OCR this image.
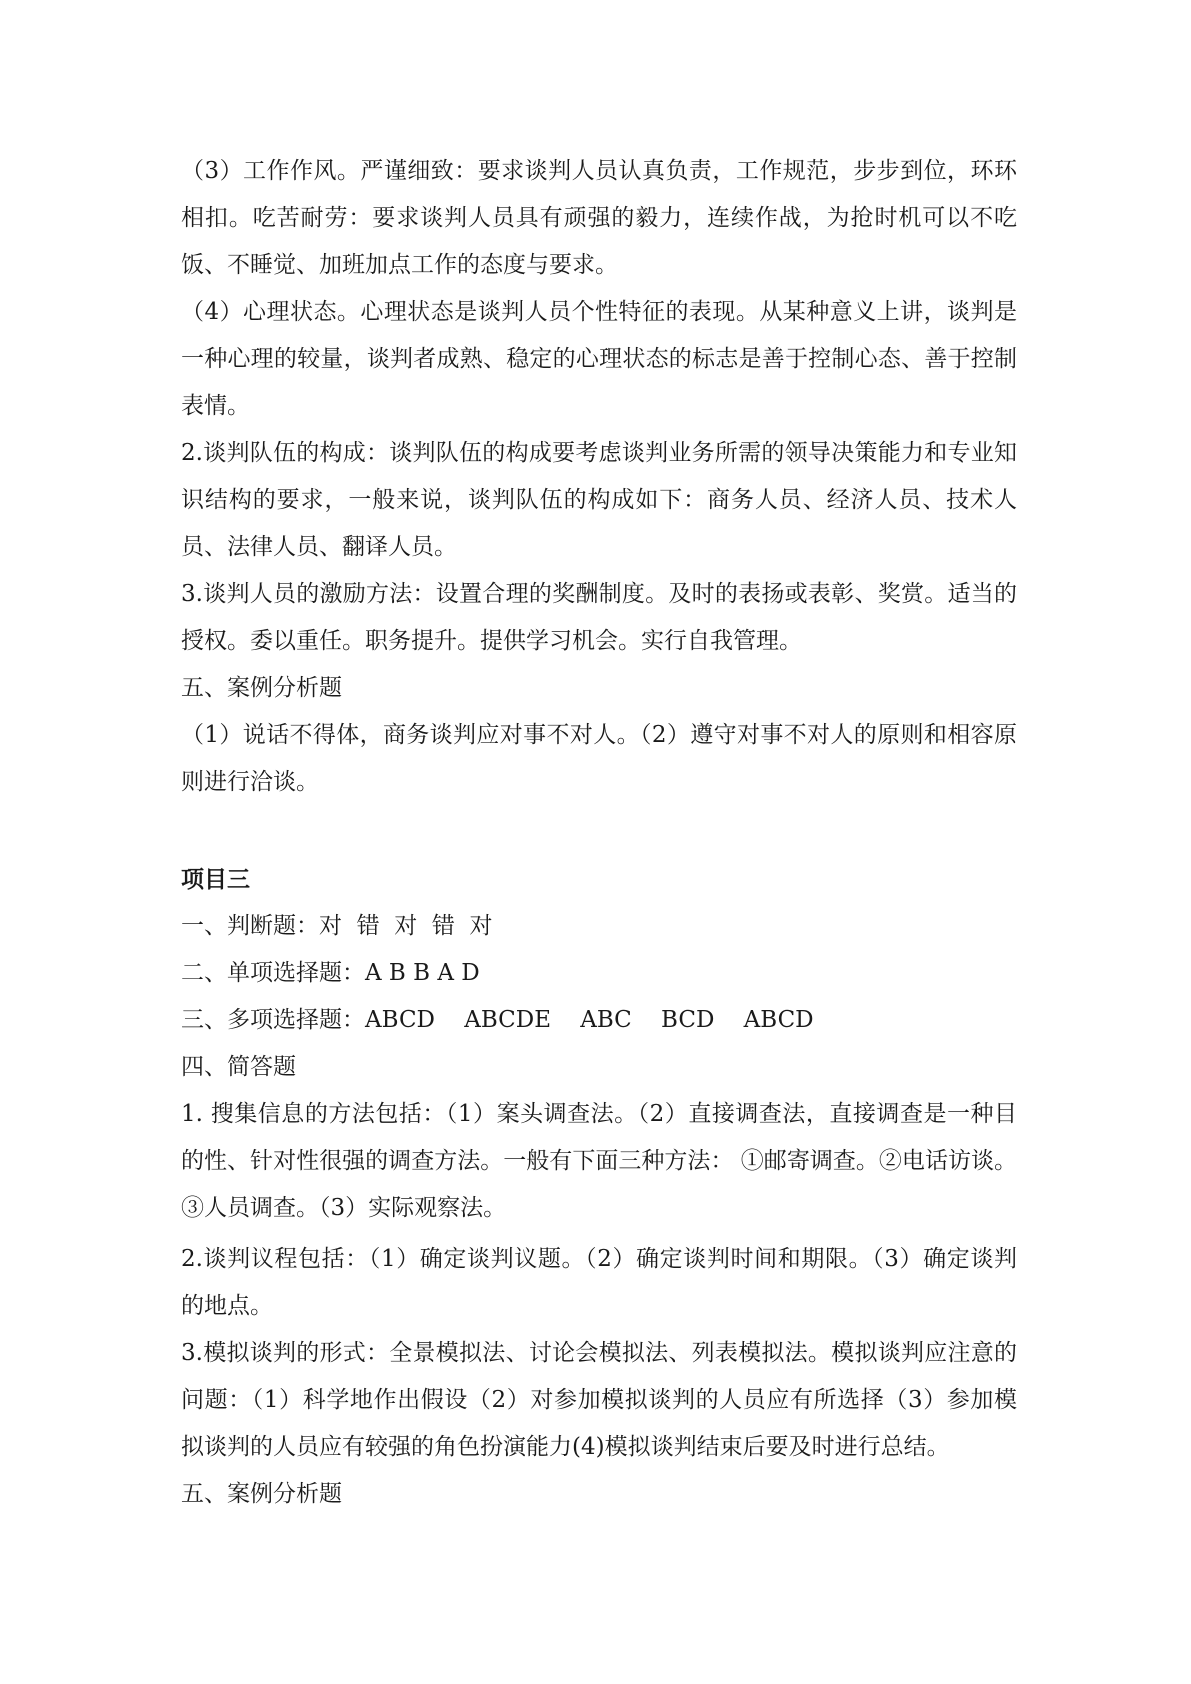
（3）工作作风。严谨细致：要求谈判人员认真负责，工作规范，步步到位，环环相扣。吃苦耐劳：要求谈判人员具有顽强的毅力，连续作战，为抢时机可以不吃饭、不睡觉、加班加点工作的态度与要求。

（4）心理状态。心理状态是谈判人员个性特征的表现。从某种意义上讲，谈判是一种心理的较量，谈判者成熟、稳定的心理状态的标志是善于控制心态、善于控制表情。

2.谈判队伍的构成：谈判队伍的构成要考虑谈判业务所需的领导决策能力和专业知识结构的要求，一般来说，谈判队伍的构成如下：商务人员、经济人员、技术人员、法律人员、翻译人员。

3.谈判人员的激励方法：设置合理的奖酬制度。及时的表扬或表彰、奖赏。适当的授权。委以重任。职务提升。提供学习机会。实行自我管理。

五、案例分析题

（1）说话不得体，商务谈判应对事不对人。（2）遵守对事不对人的原则和相容原则进行洽谈。

项目三

一、判断题：对  错  对  错  对

二、单项选择题：A B B A D

三、多项选择题：ABCD    ABCDE    ABC    BCD    ABCD

四、简答题

1. 搜集信息的方法包括：（1）案头调查法。（2）直接调查法，直接调查是一种目的性、针对性很强的调查方法。一般有下面三种方法： ①邮寄调查。②电话访谈。③人员调查。（3）实际观察法。

2.谈判议程包括：（1）确定谈判议题。（2）确定谈判时间和期限。（3）确定谈判的地点。

3.模拟谈判的形式：全景模拟法、讨论会模拟法、列表模拟法。模拟谈判应注意的问题：（1）科学地作出假设（2）对参加模拟谈判的人员应有所选择（3）参加模拟谈判的人员应有较强的角色扮演能力(4)模拟谈判结束后要及时进行总结。

五、案例分析题
